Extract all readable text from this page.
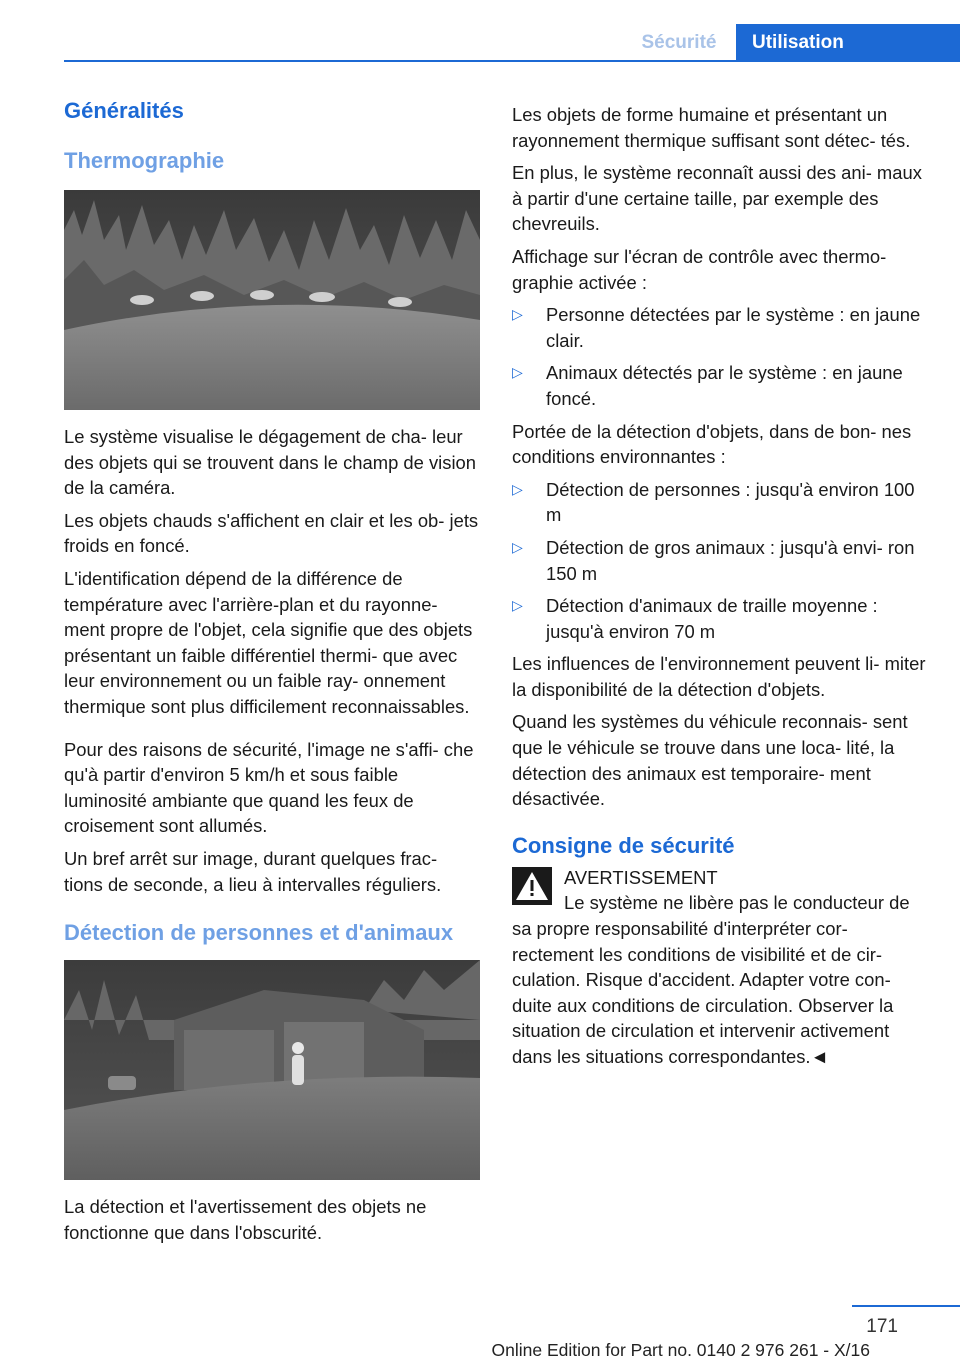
Sécurité	Utilisation
Généralités
Thermographie

Le système visualise le dégagement de cha‐ leur des objets qui se trouvent dans le champ de vision de la caméra.

Les objets chauds s'affichent en clair et les ob‐ jets froids en foncé.

L'identification dépend de la différence de température avec l'arrière-plan et du rayonne‐ ment propre de l'objet, cela signifie que des objets présentant un faible différentiel thermi‐ que avec leur environnement ou un faible ray‐ onnement thermique sont plus difficilement reconnaissables.

Pour des raisons de sécurité, l'image ne s'affi‐ che qu'à partir d'environ 5 km/h et sous faible luminosité ambiante que quand les feux de croisement sont allumés.

Un bref arrêt sur image, durant quelques frac‐ tions de seconde, a lieu à intervalles réguliers.

Détection de personnes et d'animaux

La détection et l'avertissement des objets ne fonctionne que dans l'obscurité.

Les objets de forme humaine et présentant un rayonnement thermique suffisant sont détec‐ tés.

En plus, le système reconnaît aussi des ani‐ maux à partir d'une certaine taille, par exemple des chevreuils.

Affichage sur l'écran de contrôle avec thermo‐ graphie activée :

▷ Personne détectées par le système : en jaune clair.
▷ Animaux détectés par le système : en jaune foncé.

Portée de la détection d'objets, dans de bon‐ nes conditions environnantes :

▷ Détection de personnes : jusqu'à environ 100 m
▷ Détection de gros animaux : jusqu'à envi‐ ron 150 m
▷ Détection d'animaux de traille moyenne : jusqu'à environ 70 m

Les influences de l'environnement peuvent li‐ miter la disponibilité de la détection d'objets.

Quand les systèmes du véhicule reconnais‐ sent que le véhicule se trouve dans une loca‐ lité, la détection des animaux est temporaire‐ ment désactivée.

Consigne de sécurité
AVERTISSEMENT

Le système ne libère pas le conducteur de sa propre responsabilité d'interpréter cor‐ rectement les conditions de visibilité et de cir‐ culation. Risque d'accident. Adapter votre con‐ duite aux conditions de circulation. Observer la situation de circulation et intervenir activement dans les situations correspondantes.◄

171
Online Edition for Part no. 0140 2 976 261 - X/16
